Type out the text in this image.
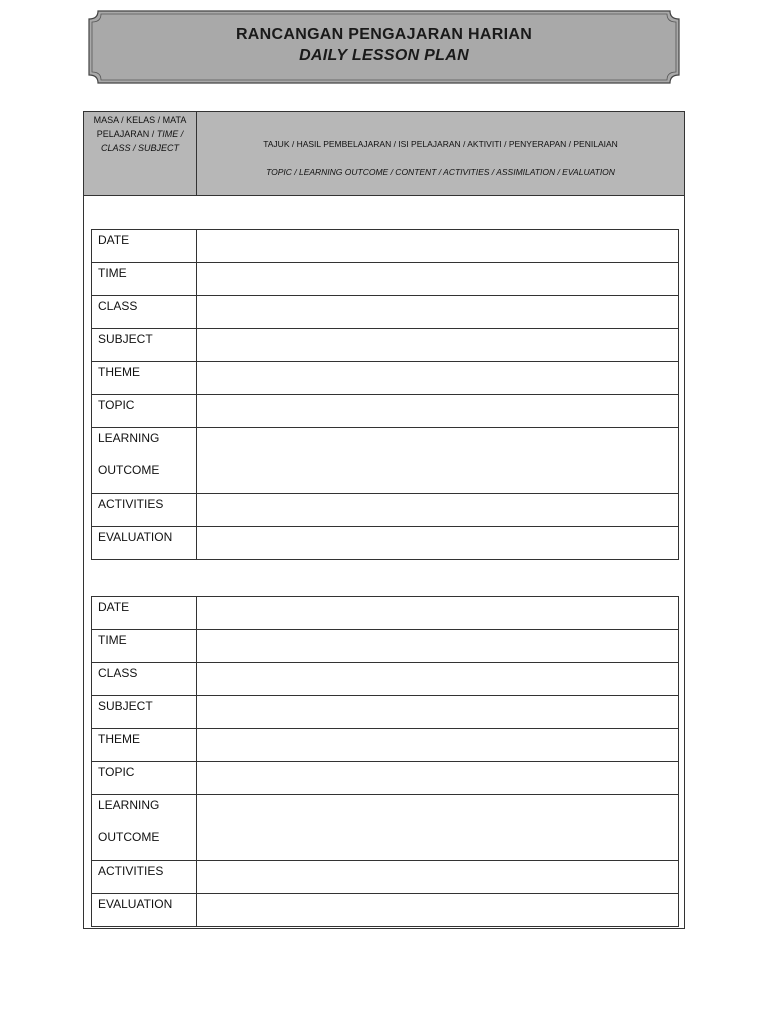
RANCANGAN PENGAJARAN HARIAN
DAILY LESSON PLAN
MASA / KELAS / MATA
PELAJARAN / TIME /
CLASS / SUBJECT	TAJUK / HASIL PEMBELAJARAN / ISI PELAJARAN / AKTIVITI / PENYERAPAN / PENILAIAN
TOPIC / LEARNING OUTCOME / CONTENT / ACTIVITIES / ASSIMILATION / EVALUATION
DATE	
TIME	
CLASS	
SUBJECT	
THEME	
TOPIC	
LEARNING
OUTCOME	

ACTIVITIES	
EVALUATION	
DATE	
TIME	
CLASS	
SUBJECT	
THEME	
TOPIC	
LEARNING
OUTCOME	

ACTIVITIES	
EVALUATION	
